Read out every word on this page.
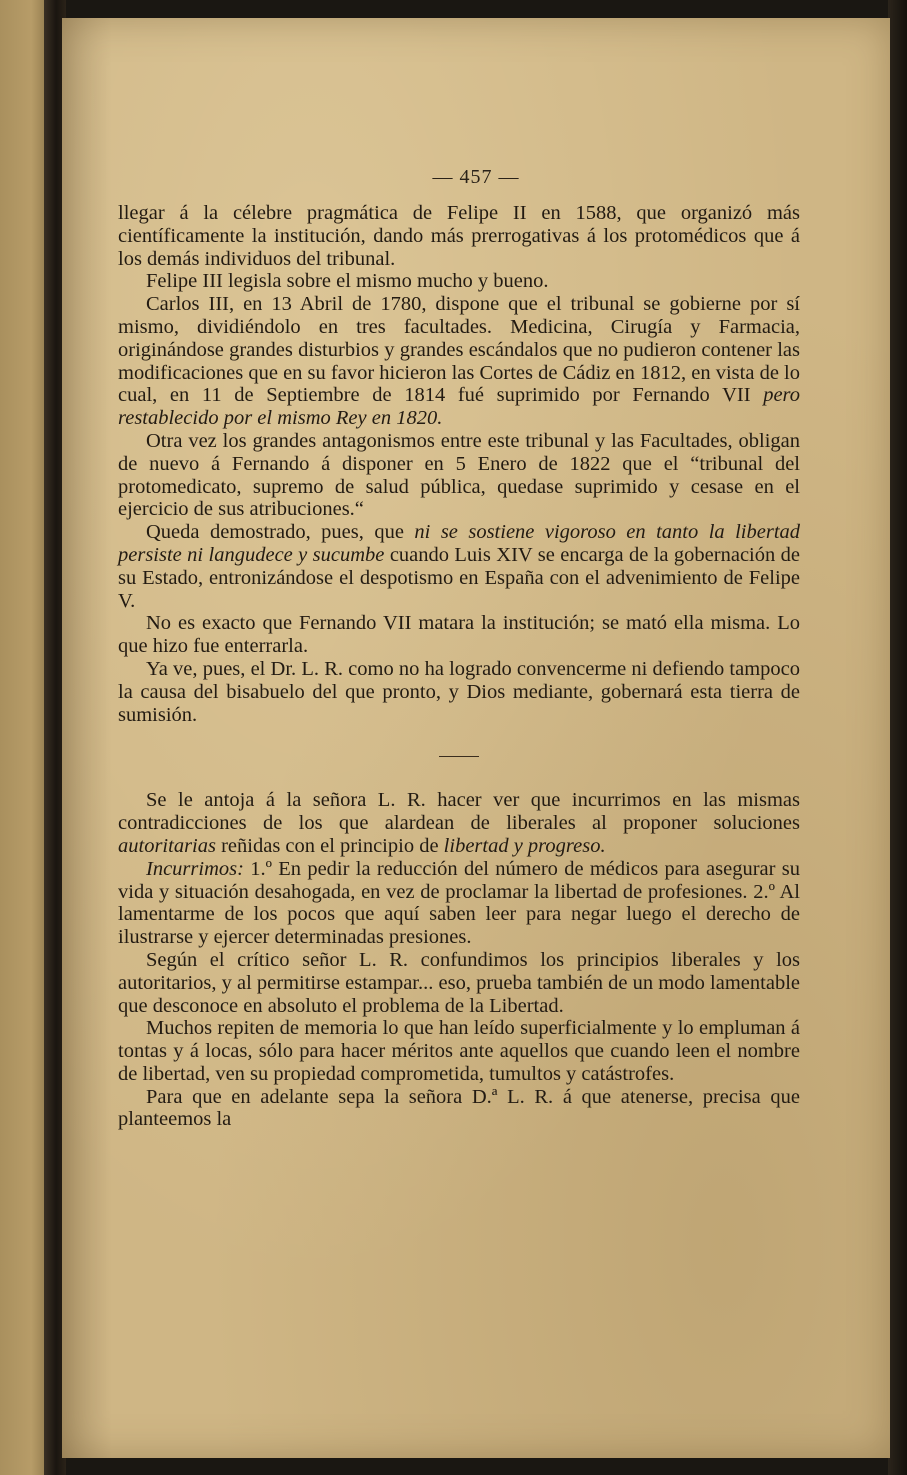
— 457 —

llegar á la célebre pragmática de Felipe II en 1588, que organizó más científicamente la institución, dando más prerrogativas á los protomédicos que á los demás individuos del tribunal.

Felipe III legisla sobre el mismo mucho y bueno.

Carlos III, en 13 Abril de 1780, dispone que el tribunal se gobierne por sí mismo, dividiéndolo en tres facultades. Medicina, Cirugía y Farmacia, originándose grandes disturbios y grandes escándalos que no pudieron contener las modificaciones que en su favor hicieron las Cortes de Cádiz en 1812, en vista de lo cual, en 11 de Septiembre de 1814 fué suprimido por Fernando VII pero restablecido por el mismo Rey en 1820.

Otra vez los grandes antagonismos entre este tribunal y las Facultades, obligan de nuevo á Fernando á disponer en 5 Enero de 1822 que el “tribunal del protomedicato, supremo de salud pública, quedase suprimido y cesase en el ejercicio de sus atribuciones.“

Queda demostrado, pues, que ni se sostiene vigoroso en tanto la libertad persiste ni langudece y sucumbe cuando Luis XIV se encarga de la gobernación de su Estado, entronizándose el despotismo en España con el advenimiento de Felipe V.

No es exacto que Fernando VII matara la institución; se mató ella misma. Lo que hizo fue enterrarla.

Ya ve, pues, el Dr. L. R. como no ha logrado convencerme ni defiendo tampoco la causa del bisabuelo del que pronto, y Dios mediante, gobernará esta tierra de sumisión.

Se le antoja á la señora L. R. hacer ver que incurrimos en las mismas contradicciones de los que alardean de liberales al proponer soluciones autoritarias reñidas con el principio de libertad y progreso.

Incurrimos: 1.º En pedir la reducción del número de médicos para asegurar su vida y situación desahogada, en vez de proclamar la libertad de profesiones. 2.º Al lamentarme de los pocos que aquí saben leer para negar luego el derecho de ilustrarse y ejercer determinadas presiones.

Según el crítico señor L. R. confundimos los principios liberales y los autoritarios, y al permitirse estampar... eso, prueba también de un modo lamentable que desconoce en absoluto el problema de la Libertad.

Muchos repiten de memoria lo que han leído superficialmente y lo empluman á tontas y á locas, sólo para hacer méritos ante aquellos que cuando leen el nombre de libertad, ven su propiedad comprometida, tumultos y catástrofes.

Para que en adelante sepa la señora D.ª L. R. á que atenerse, precisa que planteemos la
